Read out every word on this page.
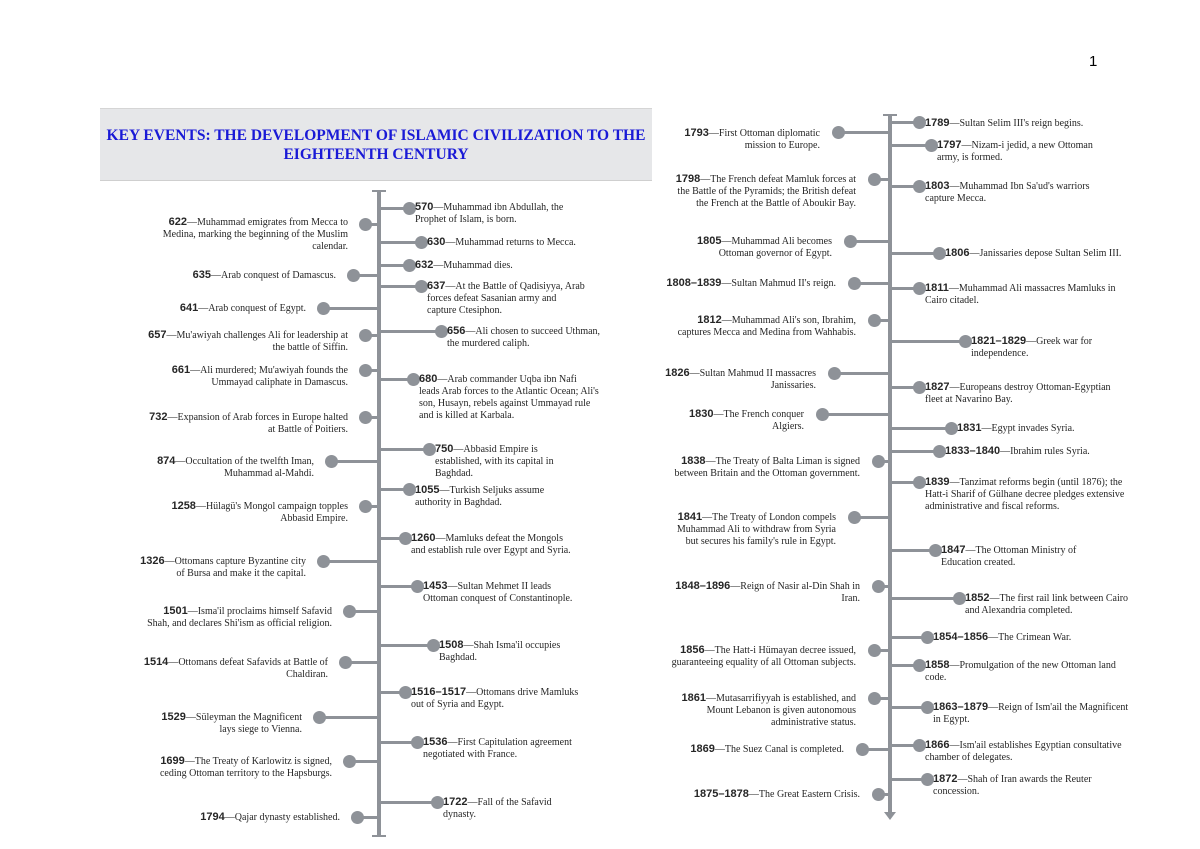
1
KEY EVENTS: THE DEVELOPMENT OF ISLAMIC CIVILIZATION TO THE EIGHTEENTH CENTURY
570—Muhammad ibn Abdullah, the Prophet of Islam, is born.
622—Muhammad emigrates from Mecca to Medina, marking the beginning of the Muslim calendar.	630—Muhammad returns to Mecca.
632—Muhammad dies.
635—Arab conquest of Damascus.
637—At the Battle of Qadisiyya, Arab forces defeat Sasanian army and capture Ctesiphon.
641—Arab conquest of Egypt.
656—Ali chosen to succeed Uthman, the murdered caliph.
657—Mu'awiyah challenges Ali for leadership at the battle of Siffin.
661—Ali murdered; Mu'awiyah founds the Ummayad caliphate in Damascus.	680—Arab commander Uqba ibn Nafi leads Arab forces to the Atlantic Ocean; Ali's son, Husayn, rebels against Ummayad rule and is killed at Karbala.
732—Expansion of Arab forces in Europe halted at Battle of Poitiers.
750—Abbasid Empire is established, with its capital in Baghdad.
874—Occultation of the twelfth Iman, Muhammad al-Mahdi.
1055—Turkish Seljuks assume authority in Baghdad.
1258—Hülagü's Mongol campaign topples Abbasid Empire.
1260—Mamluks defeat the Mongols and establish rule over Egypt and Syria.
1326—Ottomans capture Byzantine city of Bursa and make it the capital.
1453—Sultan Mehmet II leads Ottoman conquest of Constantinople.
1501—Isma'il proclaims himself Safavid Shah, and declares Shi'ism as official religion.
1508—Shah Isma'il occupies Baghdad.
1514—Ottomans defeat Safavids at Battle of Chaldiran.
1516–1517—Ottomans drive Mamluks out of Syria and Egypt.
1529—Süleyman the Magnificent lays siege to Vienna.
1536—First Capitulation agreement negotiated with France.
1699—The Treaty of Karlowitz is signed, ceding Ottoman territory to the Hapsburgs.
1722—Fall of the Safavid dynasty.
1794—Qajar dynasty established.
1789—Sultan Selim III's reign begins.
1793—First Ottoman diplomatic mission to Europe.	1797—Nizam-i jedid, a new Ottoman army, is formed.
1798—The French defeat Mamluk forces at the Battle of the Pyramids; the British defeat the French at the Battle of Aboukir Bay.
1803—Muhammad Ibn Sa'ud's warriors capture Mecca.
1805—Muhammad Ali becomes Ottoman governor of Egypt.	1806—Janissaries depose Sultan Selim III.
1808–1839—Sultan Mahmud II's reign.	1811—Muhammad Ali massacres Mamluks in Cairo citadel.
1812—Muhammad Ali's son, Ibrahim, captures Mecca and Medina from Wahhabis.
1821–1829—Greek war for independence.
1826—Sultan Mahmud II massacres Janissaries.	1827—Europeans destroy Ottoman-Egyptian fleet at Navarino Bay.
1830—The French conquer Algiers.	1831—Egypt invades Syria.
1833–1840—Ibrahim rules Syria.
1838—The Treaty of Balta Liman is signed between Britain and the Ottoman government.
1839—Tanzimat reforms begin (until 1876); the Hatt-i Sharif of Gülhane decree pledges extensive administrative and fiscal reforms.
1841—The Treaty of London compels Muhammad Ali to withdraw from Syria but secures his family's rule in Egypt.
1847—The Ottoman Ministry of Education created.
1848–1896—Reign of Nasir al-Din Shah in Iran.	1852—The first rail link between Cairo and Alexandria completed.
1854–1856—The Crimean War.
1856—The Hatt-i Hümayan decree issued, guaranteeing equality of all Ottoman subjects.	1858—Promulgation of the new Ottoman land code.
1861—Mutasarrifiyyah is established, and Mount Lebanon is given autonomous administrative status.
1863–1879—Reign of Ism'ail the Magnificent in Egypt.
1866—Ism'ail establishes Egyptian consultative chamber of delegates.
1869—The Suez Canal is completed.
1872—Shah of Iran awards the Reuter concession.
1875–1878—The Great Eastern Crisis.
